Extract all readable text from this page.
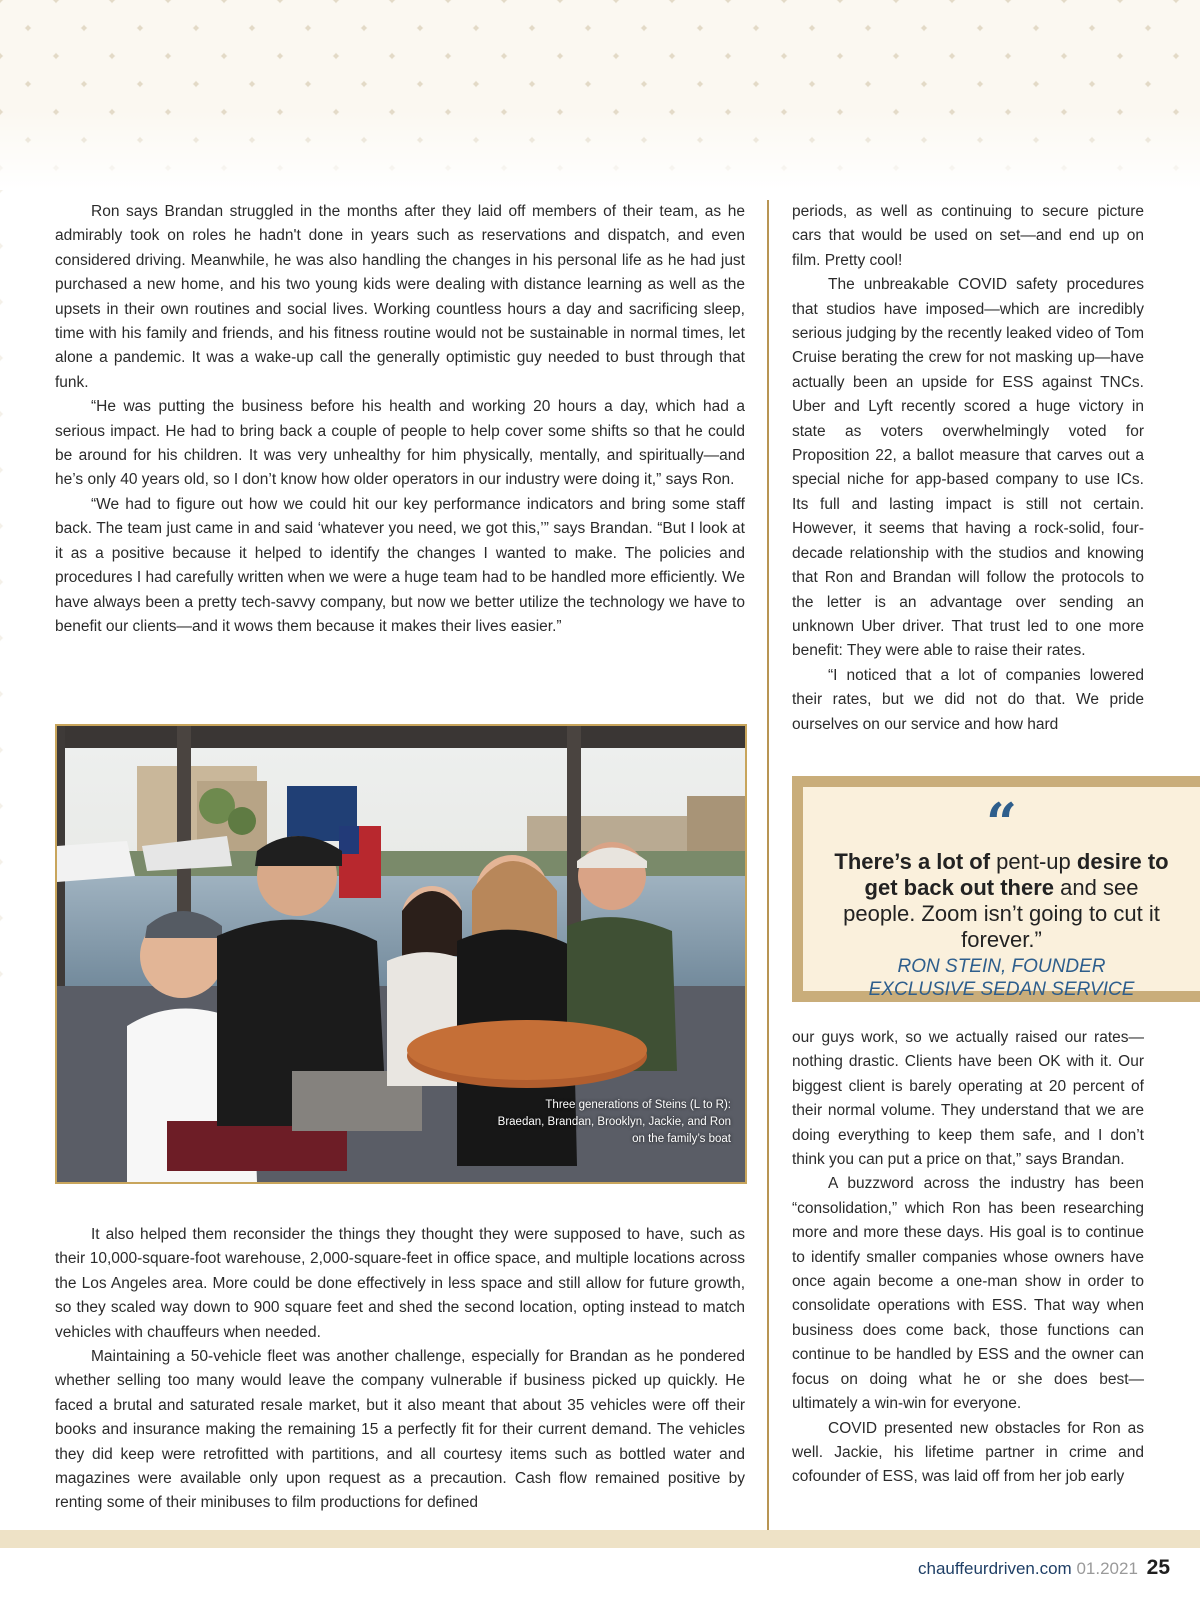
Ron says Brandan struggled in the months after they laid off members of their team, as he admirably took on roles he hadn't done in years such as reservations and dispatch, and even considered driving. Meanwhile, he was also handling the changes in his personal life as he had just purchased a new home, and his two young kids were dealing with distance learning as well as the upsets in their own routines and social lives. Working countless hours a day and sacrificing sleep, time with his family and friends, and his fitness routine would not be sustainable in normal times, let alone a pandemic. It was a wake-up call the generally optimistic guy needed to bust through that funk.

“He was putting the business before his health and working 20 hours a day, which had a serious impact. He had to bring back a couple of people to help cover some shifts so that he could be around for his children. It was very unhealthy for him physically, mentally, and spiritually—and he’s only 40 years old, so I don’t know how older operators in our industry were doing it,” says Ron.

“We had to figure out how we could hit our key performance indicators and bring some staff back. The team just came in and said ‘whatever you need, we got this,’” says Brandan. “But I look at it as a positive because it helped to identify the changes I wanted to make. The policies and procedures I had carefully written when we were a huge team had to be handled more efficiently. We have always been a pretty tech-savvy company, but now we better utilize the technology we have to benefit our clients—and it wows them because it makes their lives easier.”

Three generations of Steins (L to R):
Braedan, Brandan, Brooklyn, Jackie, and Ron
on the family’s boat

It also helped them reconsider the things they thought they were supposed to have, such as their 10,000-square-foot warehouse, 2,000-square-feet in office space, and multiple locations across the Los Angeles area. More could be done effectively in less space and still allow for future growth, so they scaled way down to 900 square feet and shed the second location, opting instead to match vehicles with chauffeurs when needed.

Maintaining a 50-vehicle fleet was another challenge, especially for Brandan as he pondered whether selling too many would leave the company vulnerable if business picked up quickly. He faced a brutal and saturated resale market, but it also meant that about 35 vehicles were off their books and insurance making the remaining 15 a perfectly fit for their current demand. The vehicles they did keep were retrofitted with partitions, and all courtesy items such as bottled water and magazines were available only upon request as a precaution. Cash flow remained positive by renting some of their minibuses to film productions for defined

periods, as well as continuing to secure picture cars that would be used on set—and end up on film. Pretty cool!

The unbreakable COVID safety procedures that studios have imposed—which are incredibly serious judging by the recently leaked video of Tom Cruise berating the crew for not masking up—have actually been an upside for ESS against TNCs. Uber and Lyft recently scored a huge victory in state as voters overwhelmingly voted for Proposition 22, a ballot measure that carves out a special niche for app-based company to use ICs. Its full and lasting impact is still not certain. However, it seems that having a rock-solid, four-decade relationship with the studios and knowing that Ron and Brandan will follow the protocols to the letter is an advantage over sending an unknown Uber driver. That trust led to one more benefit: They were able to raise their rates.

“I noticed that a lot of companies lowered their rates, but we did not do that. We pride ourselves on our service and how hard

“
There’s a lot of pent-up desire to get back out there and see people. Zoom isn’t going to cut it forever.”
RON STEIN, FOUNDER
EXCLUSIVE SEDAN SERVICE

our guys work, so we actually raised our rates—nothing drastic. Clients have been OK with it. Our biggest client is barely operating at 20 percent of their normal volume. They understand that we are doing everything to keep them safe, and I don’t think you can put a price on that,” says Brandan.

A buzzword across the industry has been “consolidation,” which Ron has been researching more and more these days. His goal is to continue to identify smaller companies whose owners have once again become a one-man show in order to consolidate operations with ESS. That way when business does come back, those functions can continue to be handled by ESS and the owner can focus on doing what he or she does best—ultimately a win-win for everyone.

COVID presented new obstacles for Ron as well. Jackie, his lifetime partner in crime and cofounder of ESS, was laid off from her job early

chauffeurdriven.com 01.2021 25
